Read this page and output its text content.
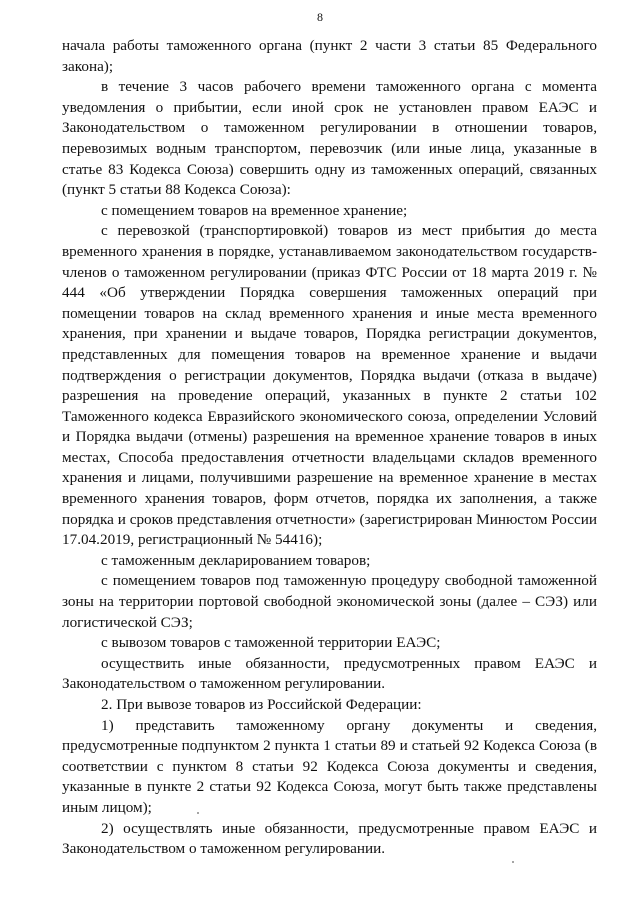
8

начала работы таможенного органа (пункт 2 части 3 статьи 85 Федерального закона);

в течение 3 часов рабочего времени таможенного органа с момента уведомления о прибытии, если иной срок не установлен правом ЕАЭС и Законодательством о таможенном регулировании в отношении товаров, перевозимых водным транспортом, перевозчик (или иные лица, указанные в статье 83 Кодекса Союза) совершить одну из таможенных операций, связанных (пункт 5 статьи 88 Кодекса Союза):

с помещением товаров на временное хранение;

с перевозкой (транспортировкой) товаров из мест прибытия до места временного хранения в порядке, устанавливаемом законодательством государств-членов о таможенном регулировании (приказ ФТС России от 18 марта 2019 г. № 444 «Об утверждении Порядка совершения таможенных операций при помещении товаров на склад временного хранения и иные места временного хранения, при хранении и выдаче товаров, Порядка регистрации документов, представленных для помещения товаров на временное хранение и выдачи подтверждения о регистрации документов, Порядка выдачи (отказа в выдаче) разрешения на проведение операций, указанных в пункте 2 статьи 102 Таможенного кодекса Евразийского экономического союза, определении Условий и Порядка выдачи (отмены) разрешения на временное хранение товаров в иных местах, Способа предоставления отчетности владельцами складов временного хранения и лицами, получившими разрешение на временное хранение в местах временного хранения товаров, форм отчетов, порядка их заполнения, а также порядка и сроков представления отчетности» (зарегистрирован Минюстом России 17.04.2019, регистрационный № 54416);

с таможенным декларированием товаров;

с помещением товаров под таможенную процедуру свободной таможенной зоны на территории портовой свободной экономической зоны (далее – СЭЗ) или логистической СЭЗ;

с вывозом товаров с таможенной территории ЕАЭС;

осуществить иные обязанности, предусмотренных правом ЕАЭС и Законодательством о таможенном регулировании.

2. При вывозе товаров из Российской Федерации:

1) представить таможенному органу документы и сведения, предусмотренные подпунктом 2 пункта 1 статьи 89 и статьей 92 Кодекса Союза (в соответствии с пунктом 8 статьи 92 Кодекса Союза документы и сведения, указанные в пункте 2 статьи 92 Кодекса Союза, могут быть также представлены иным лицом);

2) осуществлять иные обязанности, предусмотренные правом ЕАЭС и Законодательством о таможенном регулировании.
